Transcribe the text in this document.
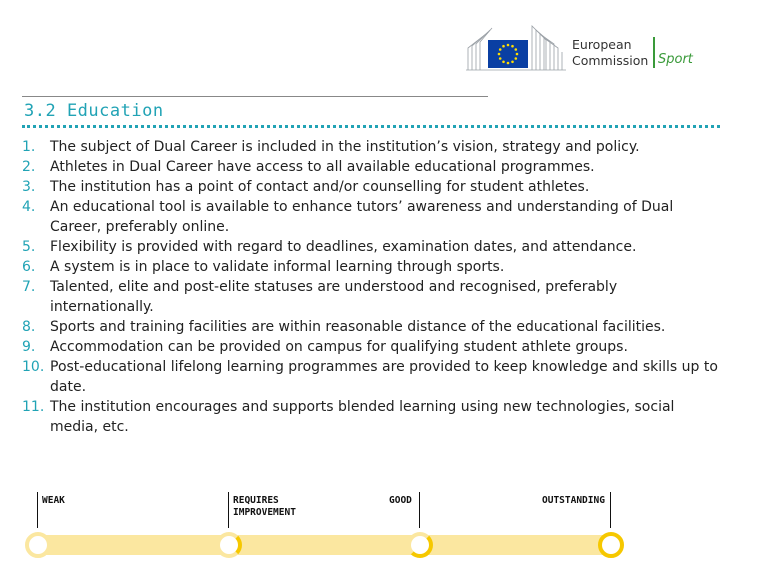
European
Commission Sport
3.2 Education
1.	The subject of Dual Career is included in the institution’s vision, strategy and policy.
2.	Athletes in Dual Career have access to all available educational programmes.
3.	The institution has a point of contact and/or counselling for student athletes.
4.	An educational tool is available to enhance tutors’ awareness and understanding of Dual Career, preferably online.
5.	Flexibility is provided with regard to deadlines, examination dates, and attendance.
6.	A system is in place to validate informal learning through sports.
7.	Talented, elite and post-elite statuses are understood and recognised, preferably internationally.
8.	Sports and training facilities are within reasonable distance of the educational facilities.
9.	Accommodation can be provided on campus for qualifying student athlete groups.
10. Post-educational lifelong learning programmes are provided to keep knowledge and skills up to date.
11. The institution encourages and supports blended learning using new technologies, social media, etc.
WEAK	REQUIRES IMPROVEMENT
GOOD	OUTSTANDING
